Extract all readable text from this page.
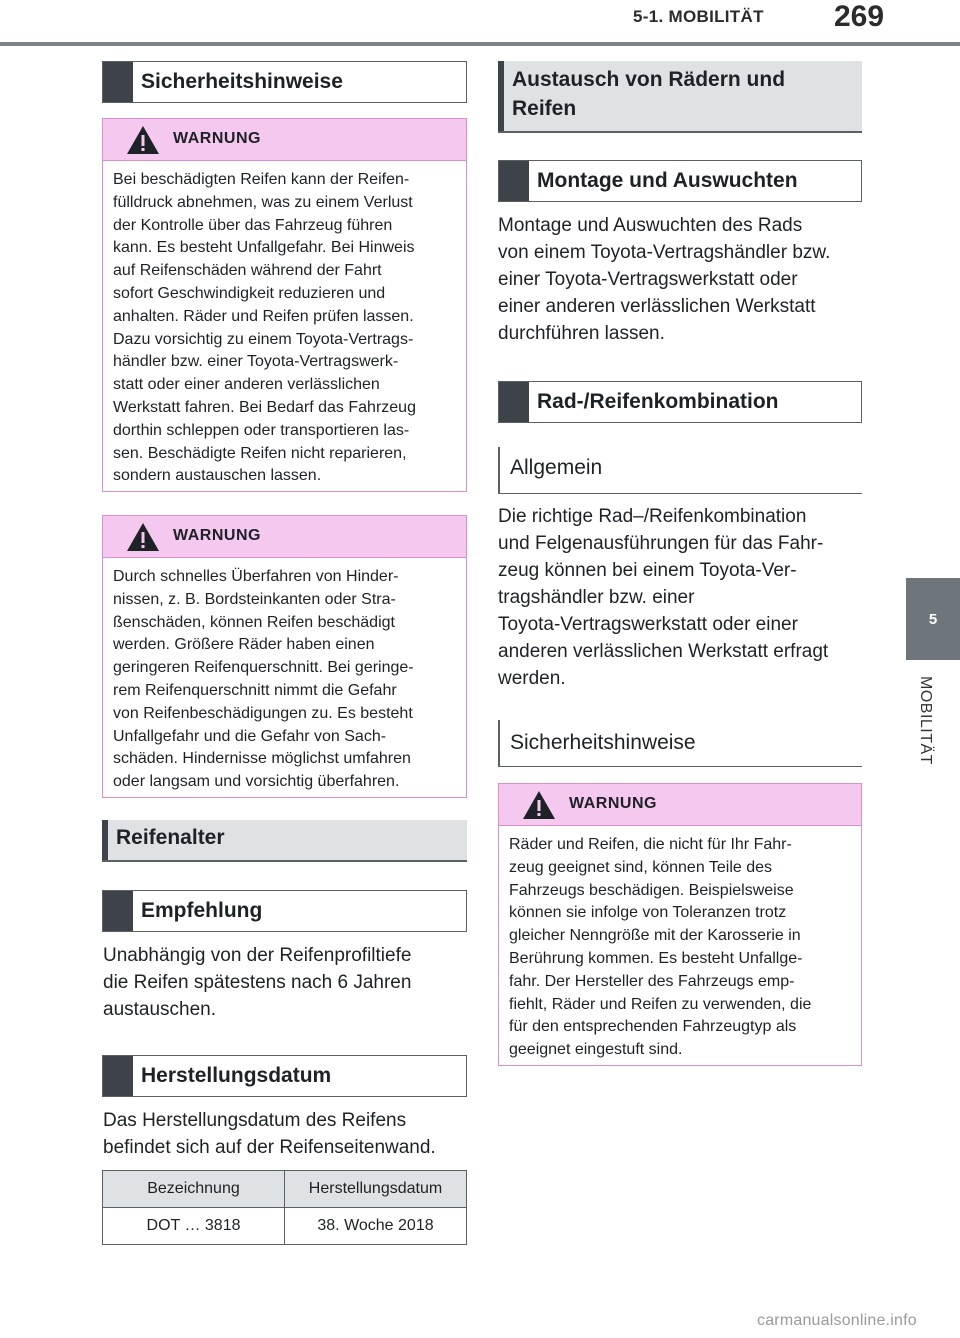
5-1. MOBILITÄT 269
5
MOBILITÄT
Sicherheitshinweise
WARNUNG
Bei beschädigten Reifen kann der Reifen-
fülldruck abnehmen, was zu einem Verlust
der Kontrolle über das Fahrzeug führen
kann. Es besteht Unfallgefahr. Bei Hinweis
auf Reifenschäden während der Fahrt
sofort Geschwindigkeit reduzieren und
anhalten. Räder und Reifen prüfen lassen.
Dazu vorsichtig zu einem Toyota-Vertrags-
händler bzw. einer Toyota-Vertragswerk-
statt oder einer anderen verlässlichen
Werkstatt fahren. Bei Bedarf das Fahrzeug
dorthin schleppen oder transportieren las-
sen. Beschädigte Reifen nicht reparieren,
sondern austauschen lassen.
WARNUNG
Durch schnelles Überfahren von Hinder-
nissen, z. B. Bordsteinkanten oder Stra-
ßenschäden, können Reifen beschädigt
werden. Größere Räder haben einen
geringeren Reifenquerschnitt. Bei geringe-
rem Reifenquerschnitt nimmt die Gefahr
von Reifenbeschädigungen zu. Es besteht
Unfallgefahr und die Gefahr von Sach-
schäden. Hindernisse möglichst umfahren
oder langsam und vorsichtig überfahren.
Reifenalter
Empfehlung
Unabhängig von der Reifenprofiltiefe
die Reifen spätestens nach 6 Jahren
austauschen.
Herstellungsdatum
Das Herstellungsdatum des Reifens
befindet sich auf der Reifenseitenwand.
Bezeichnung	Herstellungsdatum
DOT … 3818	38. Woche 2018
Austausch von Rädern und
Reifen
Montage und Auswuchten
Montage und Auswuchten des Rads
von einem Toyota-Vertragshändler bzw.
einer Toyota-Vertragswerkstatt oder
einer anderen verlässlichen Werkstatt
durchführen lassen.
Rad-/Reifenkombination
Allgemein
Die richtige Rad–/Reifenkombination
und Felgenausführungen für das Fahr-
zeug können bei einem Toyota-Ver-
tragshändler bzw. einer
Toyota-Vertragswerkstatt oder einer
anderen verlässlichen Werkstatt erfragt
werden.
Sicherheitshinweise
WARNUNG
Räder und Reifen, die nicht für Ihr Fahr-
zeug geeignet sind, können Teile des
Fahrzeugs beschädigen. Beispielsweise
können sie infolge von Toleranzen trotz
gleicher Nenngröße mit der Karosserie in
Berührung kommen. Es besteht Unfallge-
fahr. Der Hersteller des Fahrzeugs emp-
fiehlt, Räder und Reifen zu verwenden, die
für den entsprechenden Fahrzeugtyp als
geeignet eingestuft sind.
carmanualsonline.info
